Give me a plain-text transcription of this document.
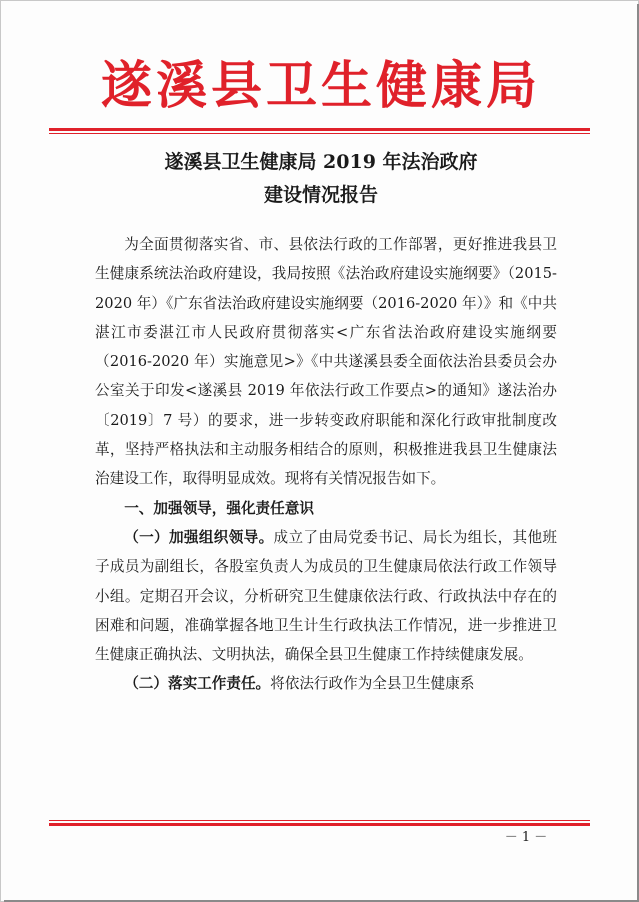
遂溪县卫生健康局
遂溪县卫生健康局 2019 年法治政府
建设情况报告

为全面贯彻落实省、市、县依法行政的工作部署，更好推进我县卫生健康系统法治政府建设，我局按照《法治政府建设实施纲要》（2015-2020 年）《广东省法治政府建设实施纲要（2016-2020 年）》和《中共湛江市委湛江市人民政府贯彻落实<广东省法治政府建设实施纲要（2016-2020 年）实施意见>》《中共遂溪县委全面依法治县委员会办公室关于印发<遂溪县 2019 年依法行政工作要点>的通知》遂法治办〔2019〕7 号）的要求，进一步转变政府职能和深化行政审批制度改革，坚持严格执法和主动服务相结合的原则，积极推进我县卫生健康法治建设工作，取得明显成效。现将有关情况报告如下。

一、加强领导，强化责任意识

（一）加强组织领导。成立了由局党委书记、局长为组长，其他班子成员为副组长，各股室负责人为成员的卫生健康局依法行政工作领导小组。定期召开会议，分析研究卫生健康依法行政、行政执法中存在的困难和问题，准确掌握各地卫生计生行政执法工作情况，进一步推进卫生健康正确执法、文明执法，确保全县卫生健康工作持续健康发展。

（二）落实工作责任。将依法行政作为全县卫生健康系

－ 1 －
